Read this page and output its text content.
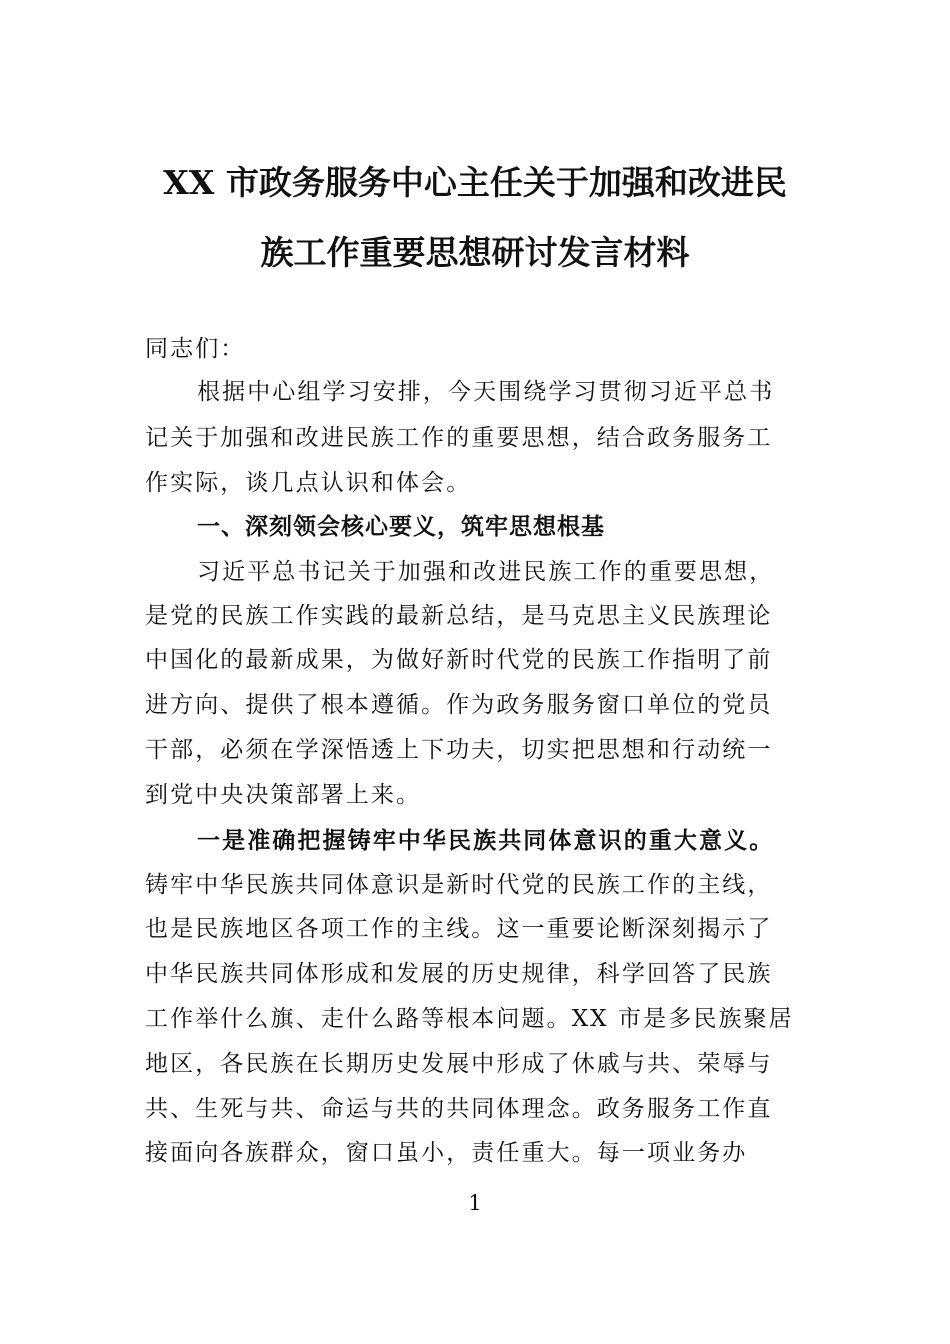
XX 市政务服务中心主任关于加强和改进民
族工作重要思想研讨发言材料
同志们：
根据中心组学习安排，今天围绕学习贯彻习近平总书
记关于加强和改进民族工作的重要思想，结合政务服务工
作实际，谈几点认识和体会。
一、深刻领会核心要义，筑牢思想根基
习近平总书记关于加强和改进民族工作的重要思想，
是党的民族工作实践的最新总结，是马克思主义民族理论
中国化的最新成果，为做好新时代党的民族工作指明了前
进方向、提供了根本遵循。作为政务服务窗口单位的党员
干部，必须在学深悟透上下功夫，切实把思想和行动统一
到党中央决策部署上来。
一是准确把握铸牢中华民族共同体意识的重大意义。
铸牢中华民族共同体意识是新时代党的民族工作的主线，
也是民族地区各项工作的主线。这一重要论断深刻揭示了
中华民族共同体形成和发展的历史规律，科学回答了民族
工作举什么旗、走什么路等根本问题。XX 市是多民族聚居
地区，各民族在长期历史发展中形成了休戚与共、荣辱与
共、生死与共、命运与共的共同体理念。政务服务工作直
接面向各族群众，窗口虽小，责任重大。每一项业务办
1
